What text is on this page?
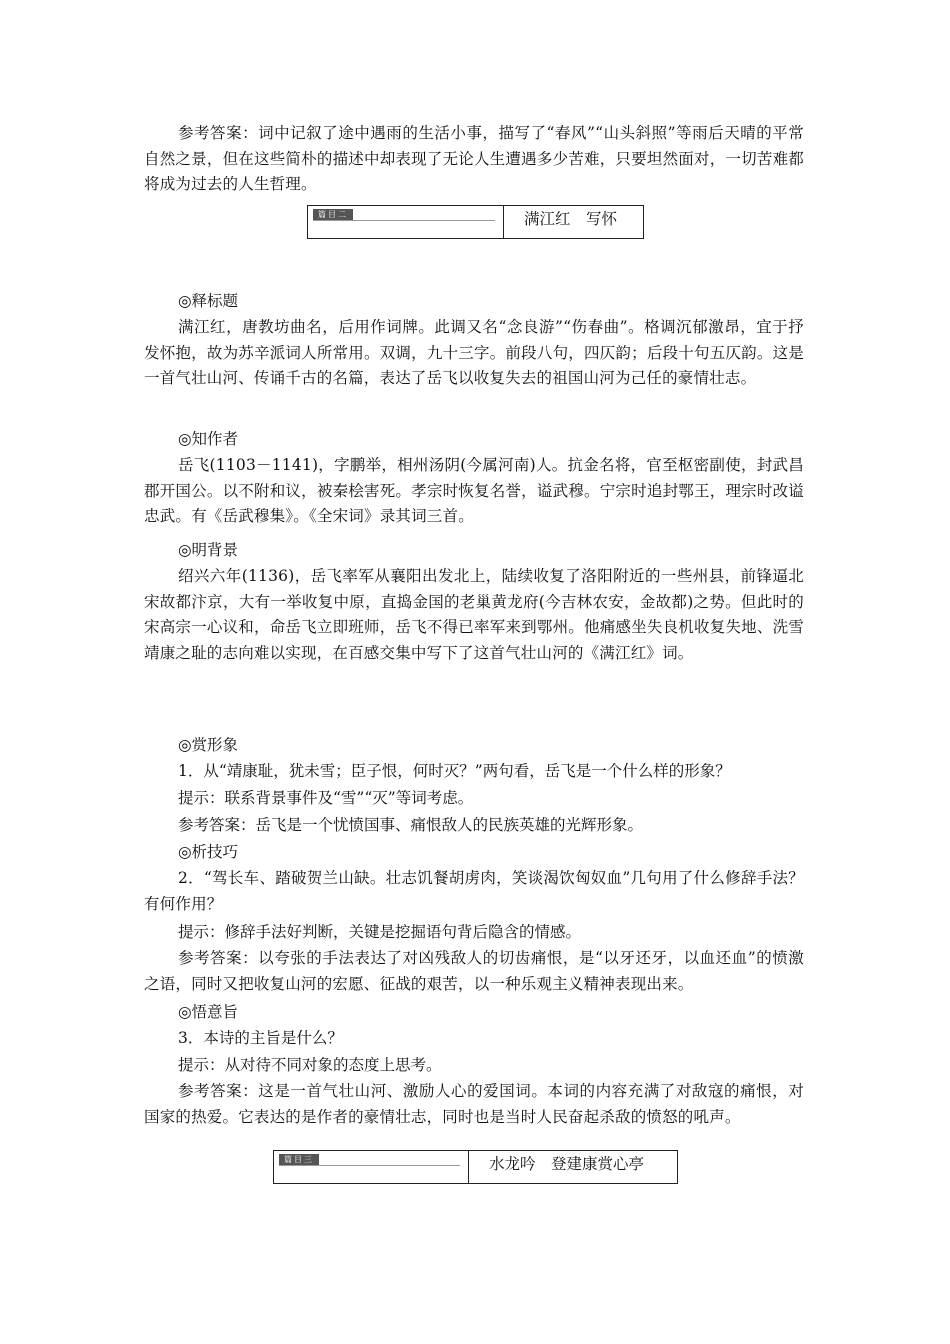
参考答案：词中记叙了途中遇雨的生活小事，描写了“春风”“山头斜照”等雨后天晴的平常自然之景，但在这些简朴的描述中却表现了无论人生遭遇多少苦难，只要坦然面对，一切苦难都将成为过去的人生哲理。

篇目二	满江红　写怀

◎释标题

满江红，唐教坊曲名，后用作词牌。此调又名“念良游”“伤春曲”。格调沉郁激昂，宜于抒发怀抱，故为苏辛派词人所常用。双调，九十三字。前段八句，四仄韵；后段十句五仄韵。这是一首气壮山河、传诵千古的名篇，表达了岳飞以收复失去的祖国山河为己任的豪情壮志。

◎知作者

岳飞(1103－1141)，字鹏举，相州汤阴(今属河南)人。抗金名将，官至枢密副使，封武昌郡开国公。以不附和议，被秦桧害死。孝宗时恢复名誉，谥武穆。宁宗时追封鄂王，理宗时改谥忠武。有《岳武穆集》。《全宋词》录其词三首。

◎明背景

绍兴六年(1136)，岳飞率军从襄阳出发北上，陆续收复了洛阳附近的一些州县，前锋逼北宋故都汴京，大有一举收复中原，直捣金国的老巢黄龙府(今吉林农安，金故都)之势。但此时的宋高宗一心议和，命岳飞立即班师，岳飞不得已率军来到鄂州。他痛感坐失良机收复失地、洗雪靖康之耻的志向难以实现，在百感交集中写下了这首气壮山河的《满江红》词。

◎赏形象

1．从“靖康耻，犹未雪；臣子恨，何时灭？”两句看，岳飞是一个什么样的形象？

提示：联系背景事件及“雪”“灭”等词考虑。

参考答案：岳飞是一个忧愤国事、痛恨敌人的民族英雄的光辉形象。

◎析技巧

2．“驾长车、踏破贺兰山缺。壮志饥餐胡虏肉，笑谈渴饮匈奴血”几句用了什么修辞手法？有何作用？

提示：修辞手法好判断，关键是挖掘语句背后隐含的情感。

参考答案：以夸张的手法表达了对凶残敌人的切齿痛恨，是“以牙还牙，以血还血”的愤激之语，同时又把收复山河的宏愿、征战的艰苦，以一种乐观主义精神表现出来。

◎悟意旨

3．本诗的主旨是什么？

提示：从对待不同对象的态度上思考。

参考答案：这是一首气壮山河、激励人心的爱国词。本词的内容充满了对敌寇的痛恨，对国家的热爱。它表达的是作者的豪情壮志，同时也是当时人民奋起杀敌的愤怒的吼声。

篇目三	水龙吟　登建康赏心亭
